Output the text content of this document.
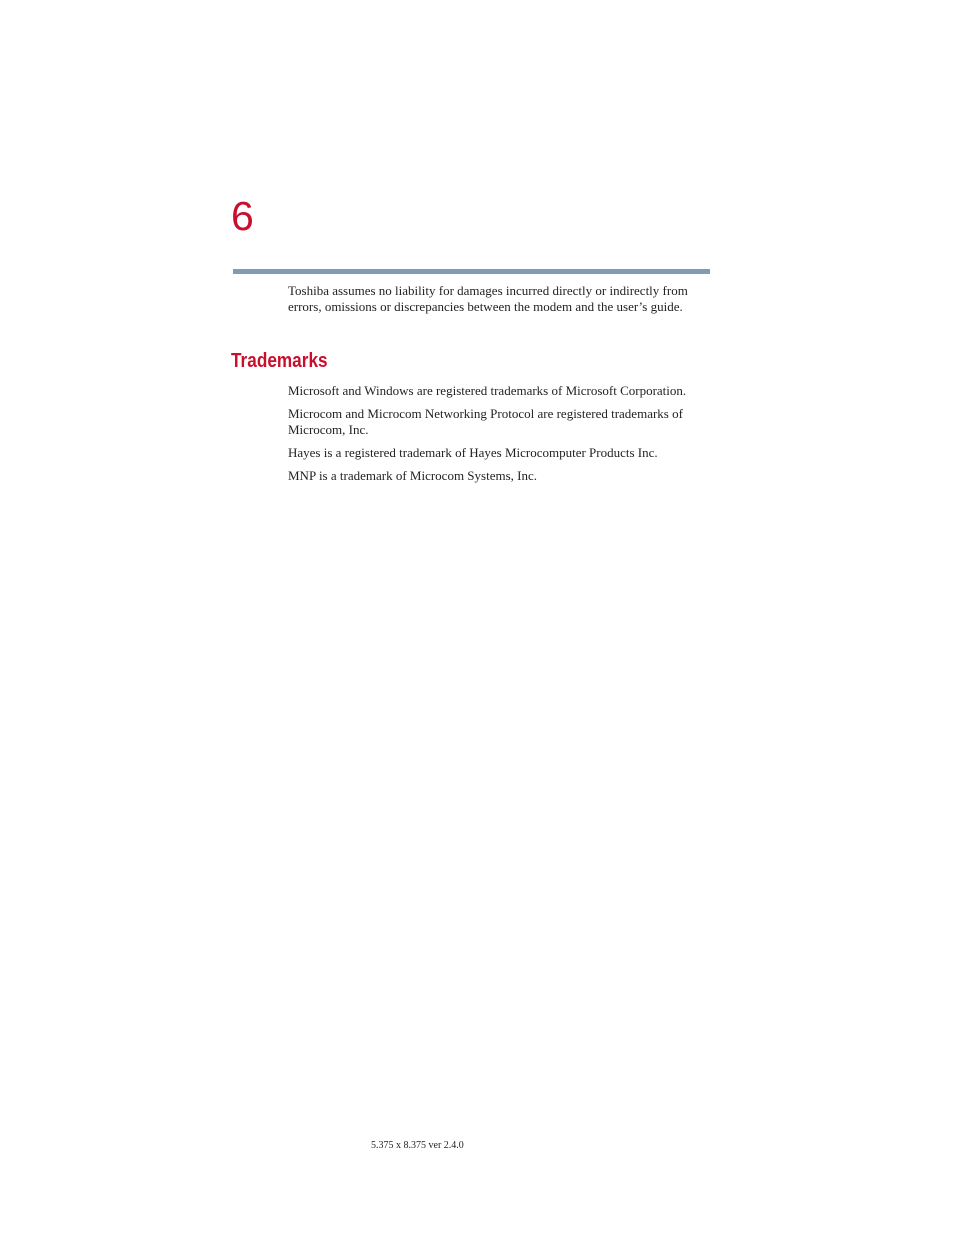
6

Toshiba assumes no liability for damages incurred directly or indirectly from errors, omissions or discrepancies between the modem and the user’s guide.

Trademarks

Microsoft and Windows are registered trademarks of Microsoft Corporation.

Microcom and Microcom Networking Protocol are registered trademarks of Microcom, Inc.

Hayes is a registered trademark of Hayes Microcomputer Products Inc.

MNP is a trademark of Microcom Systems, Inc.

5.375 x 8.375 ver 2.4.0
